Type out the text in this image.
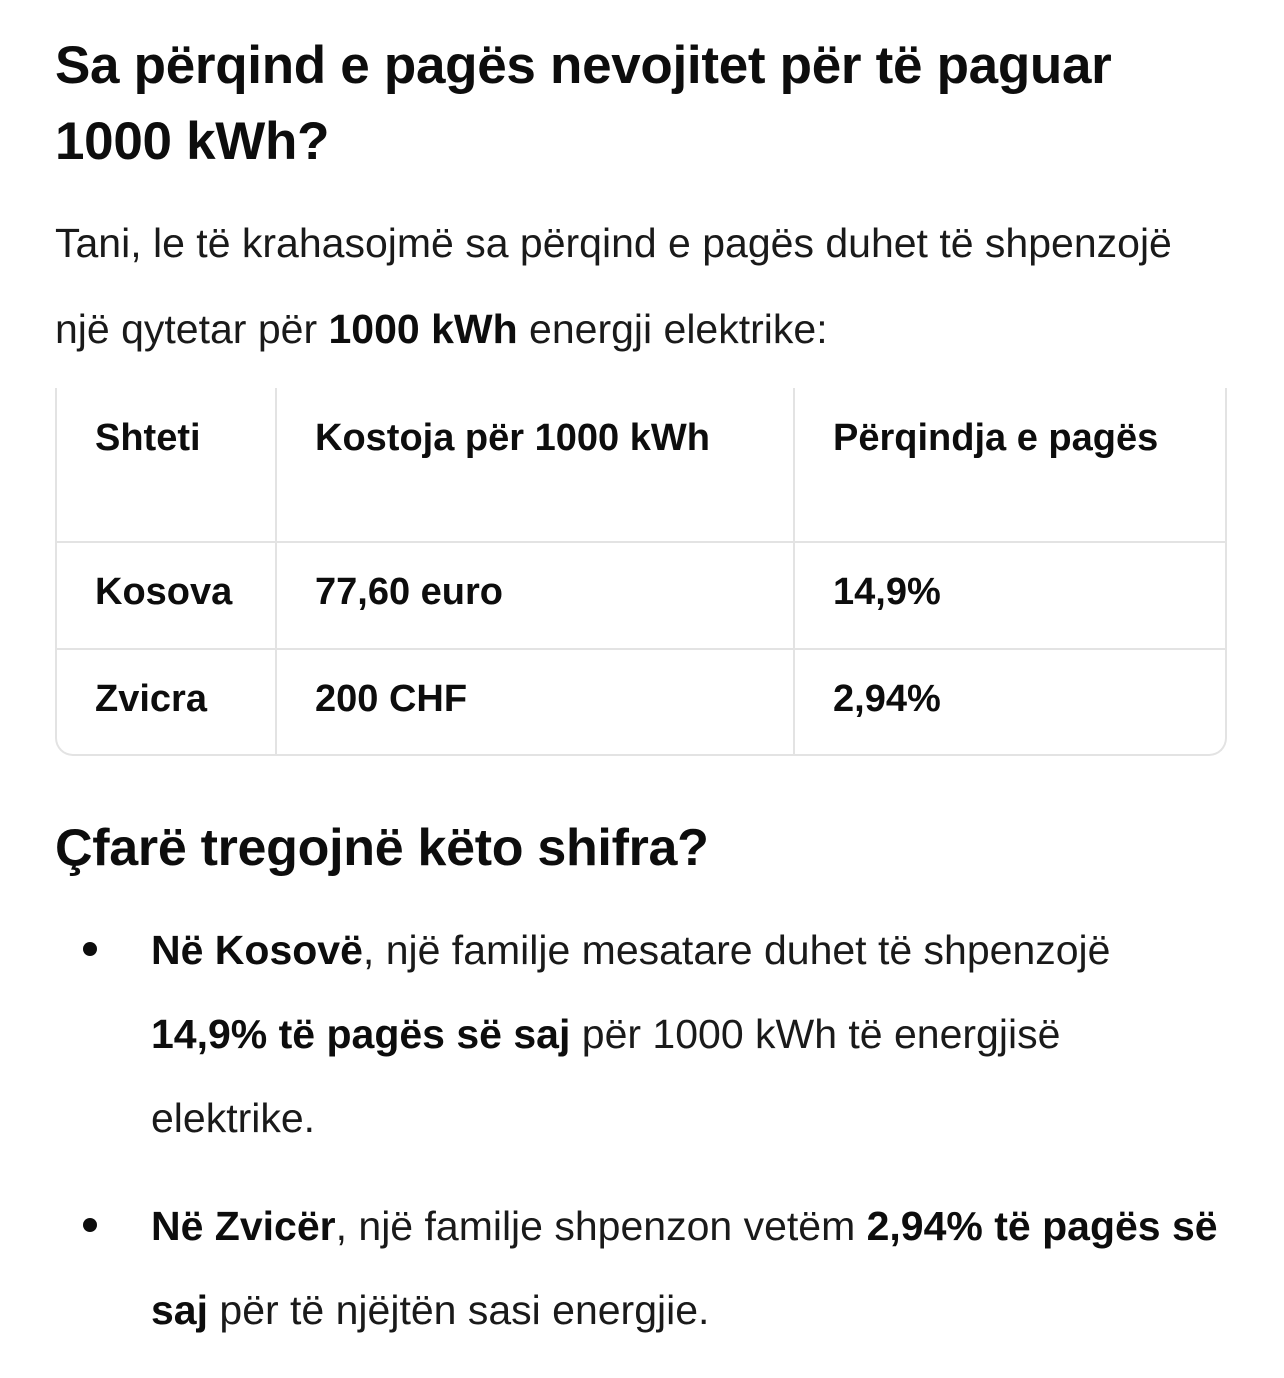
Sa përqind e pagës nevojitet për të paguar 1000 kWh?

Tani, le të krahasojmë sa përqind e pagës duhet të shpenzojë një qytetar për 1000 kWh energji elektrike:

Shteti	Kostoja për 1000 kWh	Përqindja e pagës
Kosova	77,60 euro	14,9%
Zvicra	200 CHF	2,94%
Çfarë tregojnë këto shifra?
Në Kosovë, një familje mesatare duhet të shpenzojë 14,9% të pagës së saj për 1000 kWh të energjisë elektrike.
Në Zvicër, një familje shpenzon vetëm 2,94% të pagës së saj për të njëjtën sasi energjie.
